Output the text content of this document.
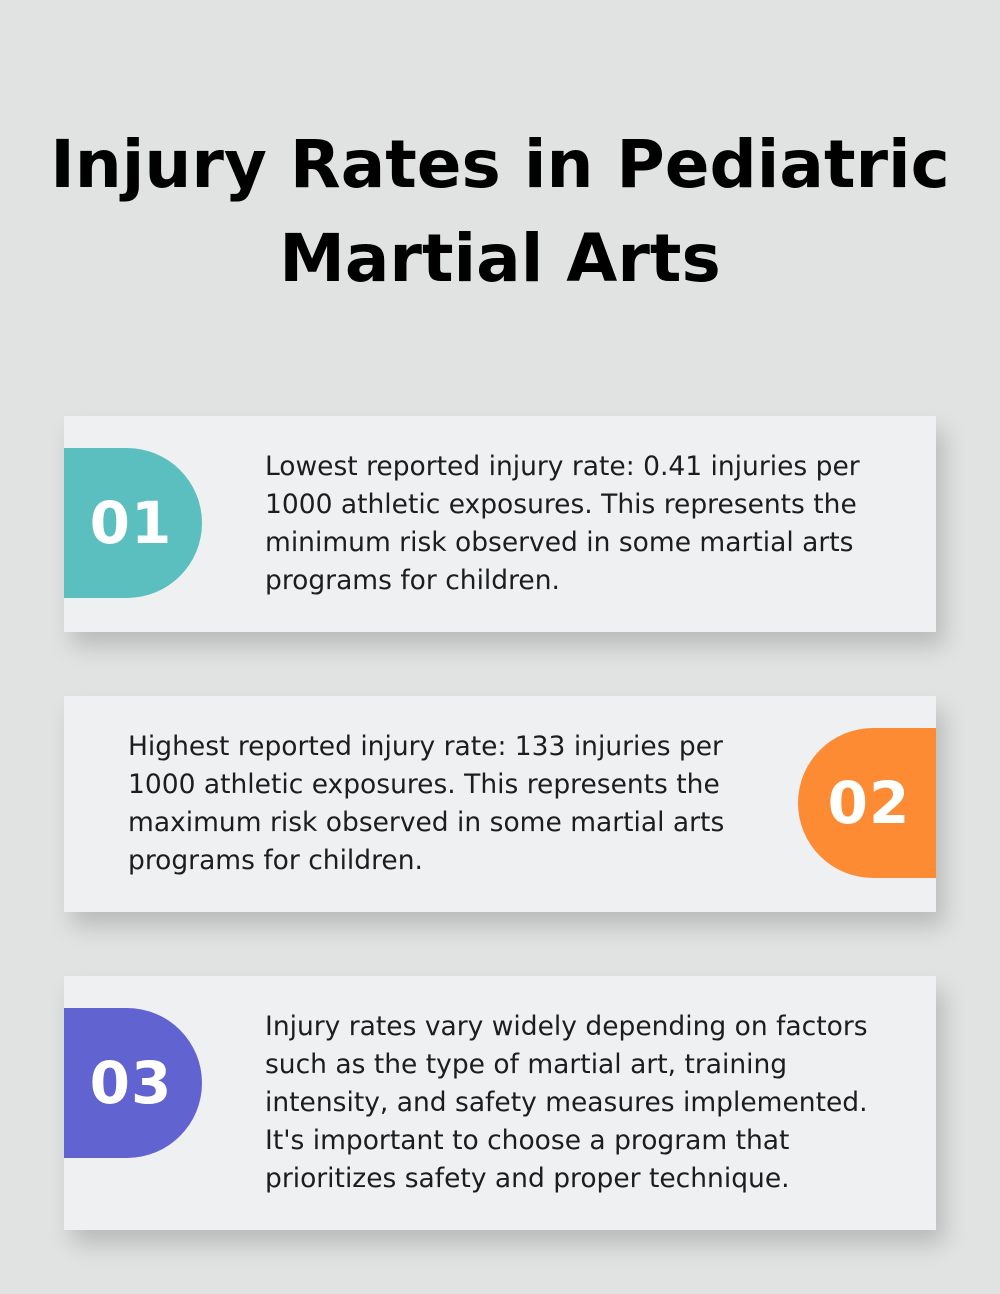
Injury Rates in Pediatric Martial Arts
01

Lowest reported injury rate: 0.41 injuries per 1000 athletic exposures. This represents the minimum risk observed in some martial arts programs for children.

Highest reported injury rate: 133 injuries per 1000 athletic exposures. This represents the maximum risk observed in some martial arts programs for children.

02
03

Injury rates vary widely depending on factors such as the type of martial art, training intensity, and safety measures implemented. It's important to choose a program that prioritizes safety and proper technique.
